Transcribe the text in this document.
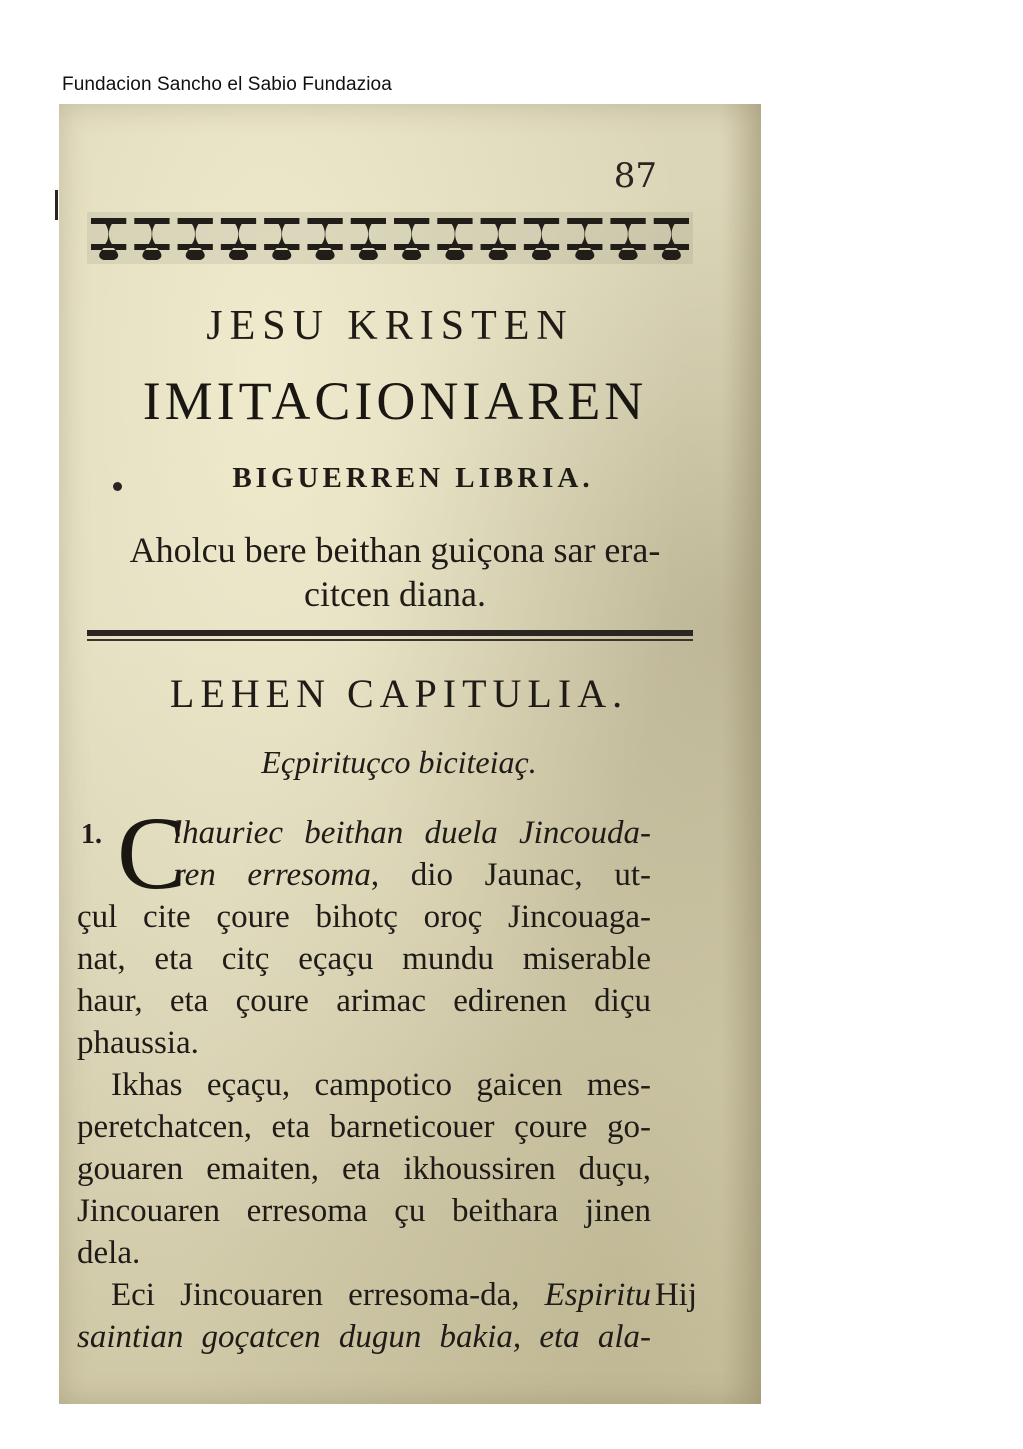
Fundacion Sancho el Sabio Fundazioa
87
JESU KRISTEN
IMITACIONIAREN
BIGUERREN LIBRIA.
Aholcu bere beithan guiçona sar era-
citcen diana.
LEHEN CAPITULIA.
Eçpirituçco biciteiaç.
1. C
lhauriec beithan duela Jincouda-
ren erresoma, dio Jaunac, ut-
çul cite çoure bihotç oroç Jincouaga-
nat, eta citç eçaçu mundu miserable
haur, eta çoure arimac edirenen diçu
phaussia.
Ikhas eçaçu, campotico gaicen mes-
peretchatcen, eta barneticouer çoure go-
gouaren emaiten, eta ikhoussiren duçu,
Jincouaren erresoma çu beithara jinen
dela.
Eci Jincouaren erresoma-da, Espiritu
saintian goçatcen dugun bakia, eta ala-
Hij
